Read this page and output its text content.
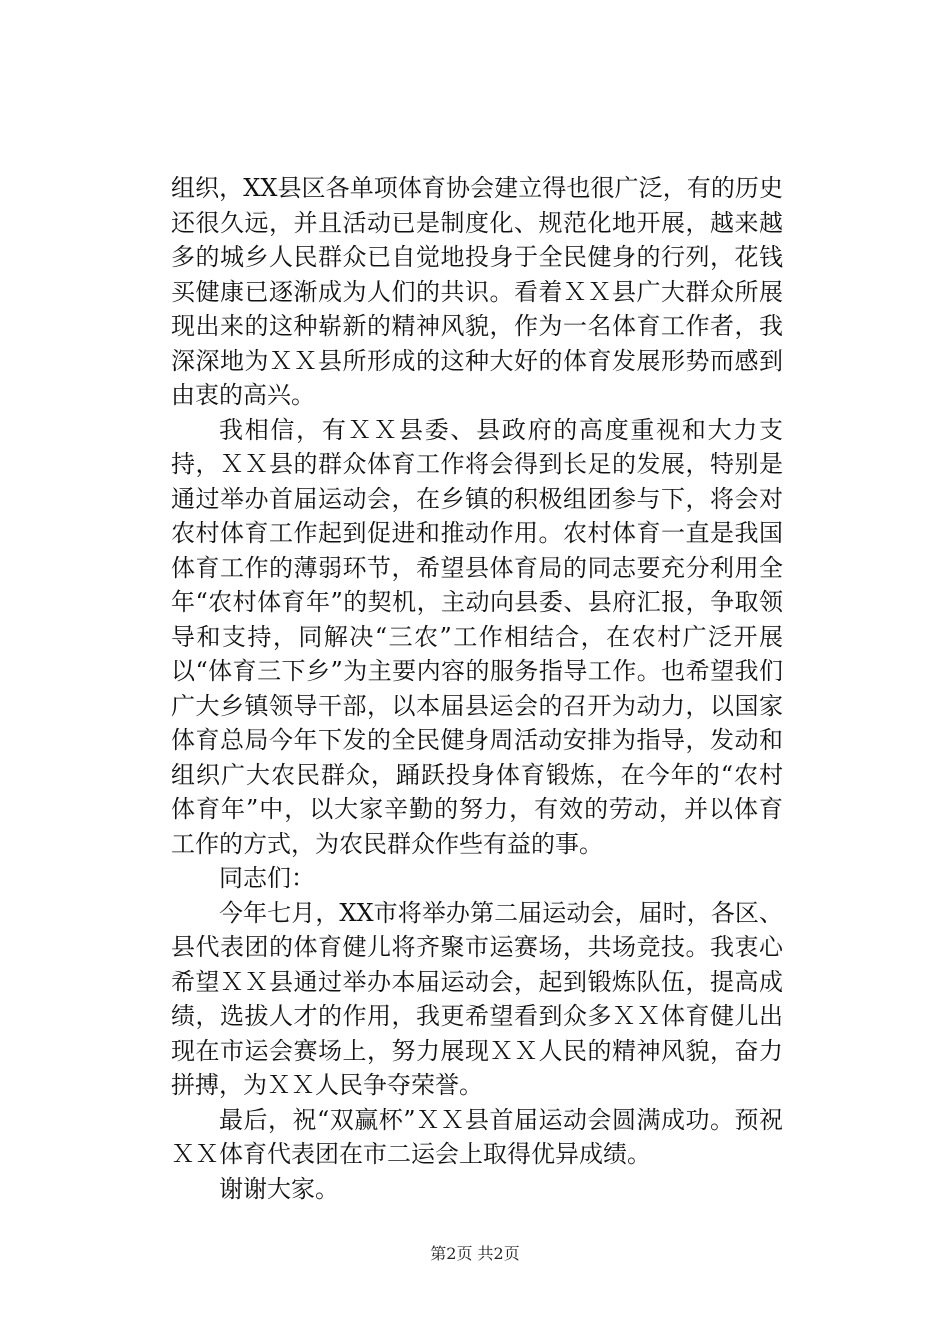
组织，XX县区各单项体育协会建立得也很广泛，有的历史还很久远，并且活动已是制度化、规范化地开展，越来越多的城乡人民群众已自觉地投身于全民健身的行列，花钱买健康已逐渐成为人们的共识。看着ＸＸ县广大群众所展现出来的这种崭新的精神风貌，作为一名体育工作者，我深深地为ＸＸ县所形成的这种大好的体育发展形势而感到由衷的高兴。

我相信，有ＸＸ县委、县政府的高度重视和大力支持，ＸＸ县的群众体育工作将会得到长足的发展，特别是通过举办首届运动会，在乡镇的积极组团参与下，将会对农村体育工作起到促进和推动作用。农村体育一直是我国体育工作的薄弱环节，希望县体育局的同志要充分利用全年“农村体育年”的契机，主动向县委、县府汇报，争取领导和支持，同解决“三农”工作相结合，在农村广泛开展以“体育三下乡”为主要内容的服务指导工作。也希望我们广大乡镇领导干部，以本届县运会的召开为动力，以国家体育总局今年下发的全民健身周活动安排为指导，发动和组织广大农民群众，踊跃投身体育锻炼，在今年的“农村体育年”中，以大家辛勤的努力，有效的劳动，并以体育工作的方式，为农民群众作些有益的事。

同志们：

今年七月，XX市将举办第二届运动会，届时，各区、县代表团的体育健儿将齐聚市运赛场，共场竞技。我衷心希望ＸＸ县通过举办本届运动会，起到锻炼队伍，提高成绩，选拔人才的作用，我更希望看到众多ＸＸ体育健儿出现在市运会赛场上，努力展现ＸＸ人民的精神风貌，奋力拼搏，为ＸＸ人民争夺荣誉。

最后，祝“双赢杯”ＸＸ县首届运动会圆满成功。预祝ＸＸ体育代表团在市二运会上取得优异成绩。

谢谢大家。

第2页 共2页
